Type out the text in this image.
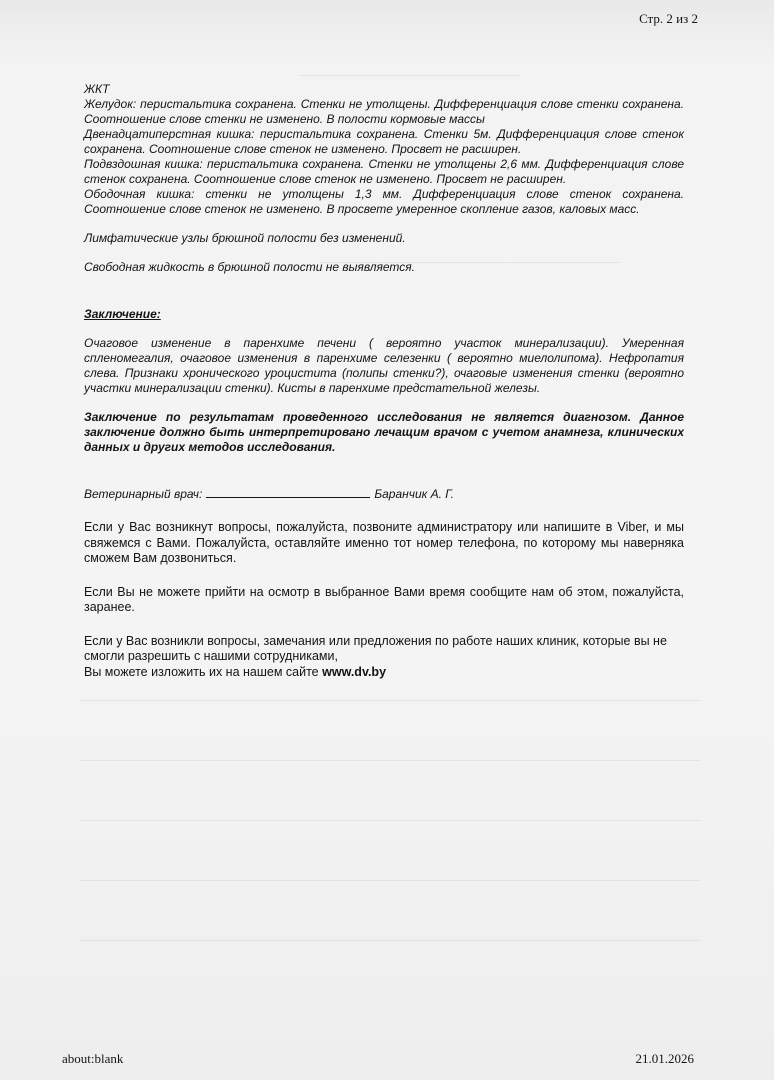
Стр. 2 из 2

ЖКТ

Желудок: перистальтика сохранена. Стенки не утолщены. Дифференциация слове стенки сохранена. Соотношение слове стенки не изменено. В полости кормовые массы

Двенадцатиперстная кишка: перистальтика сохранена. Стенки 5м. Дифференциация слове стенок сохранена. Соотношение слове стенок не изменено. Просвет не расширен.

Подвздошная кишка: перистальтика сохранена. Стенки не утолщены 2,6 мм. Дифференциация слове стенок сохранена. Соотношение слове стенок не изменено. Просвет не расширен.

Ободочная кишка: стенки не утолщены 1,3 мм. Дифференциация слове стенок сохранена. Соотношение слове стенок не изменено. В просвете умеренное скопление газов, каловых масс.

Лимфатические узлы брюшной полости без изменений.

Свободная жидкость в брюшной полости не выявляется.

Заключение:

Очаговое изменение в паренхиме печени ( вероятно участок минерализации). Умеренная спленомегалия, очаговое изменения в паренхиме селезенки ( вероятно миелолипома). Нефропатия слева. Признаки хронического уроцистита (полипы стенки?), очаговые изменения стенки (вероятно участки минерализации стенки). Кисты в паренхиме предстательной железы.

Заключение по результатам проведенного исследования не является диагнозом. Данное заключение должно быть интерпретировано лечащим врачом с учетом анамнеза, клинических данных и других методов исследования.

Ветеринарный врач:	Баранчик А. Г.

Если у Вас возникнут вопросы, пожалуйста, позвоните администратору или напишите в Viber, и мы свяжемся с Вами. Пожалуйста, оставляйте именно тот номер телефона, по которому мы наверняка сможем Вам дозвониться.

Если Вы не можете прийти на осмотр в выбранное Вами время сообщите нам об этом, пожалуйста, заранее.

Если у Вас возникли вопросы, замечания или предложения по работе наших клиник, которые вы не смогли разрешить с нашими сотрудниками,
Вы можете изложить их на нашем сайте www.dv.by

about:blank	21.01.2026
